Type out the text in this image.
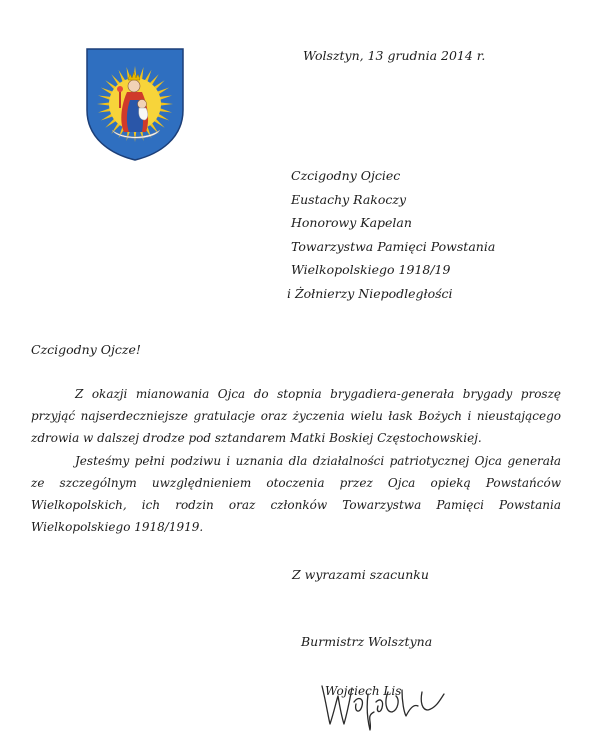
Wolsztyn, 13 grudnia 2014 r.
Czcigodny Ojciec
Eustachy Rakoczy
Honorowy Kapelan
Towarzystwa Pamięci Powstania
Wielkopolskiego 1918/19
i Żołnierzy Niepodległości
Czcigodny Ojcze!

Z okazji mianowania Ojca do stopnia brygadiera-generała brygady proszę przyjąć najserdeczniejsze gratulacje oraz życzenia wielu łask Bożych i nieustającego zdrowia w dalszej drodze pod sztandarem Matki Boskiej Częstochowskiej.

Jesteśmy pełni podziwu i uznania dla działalności patriotycznej Ojca generała ze szczególnym uwzględnieniem otoczenia przez Ojca opieką Powstańców Wielkopolskich, ich rodzin oraz członków Towarzystwa Pamięci Powstania Wielkopolskiego 1918/1919.

Z wyrazami szacunku
Burmistrz Wolsztyna
Wojciech Lis
